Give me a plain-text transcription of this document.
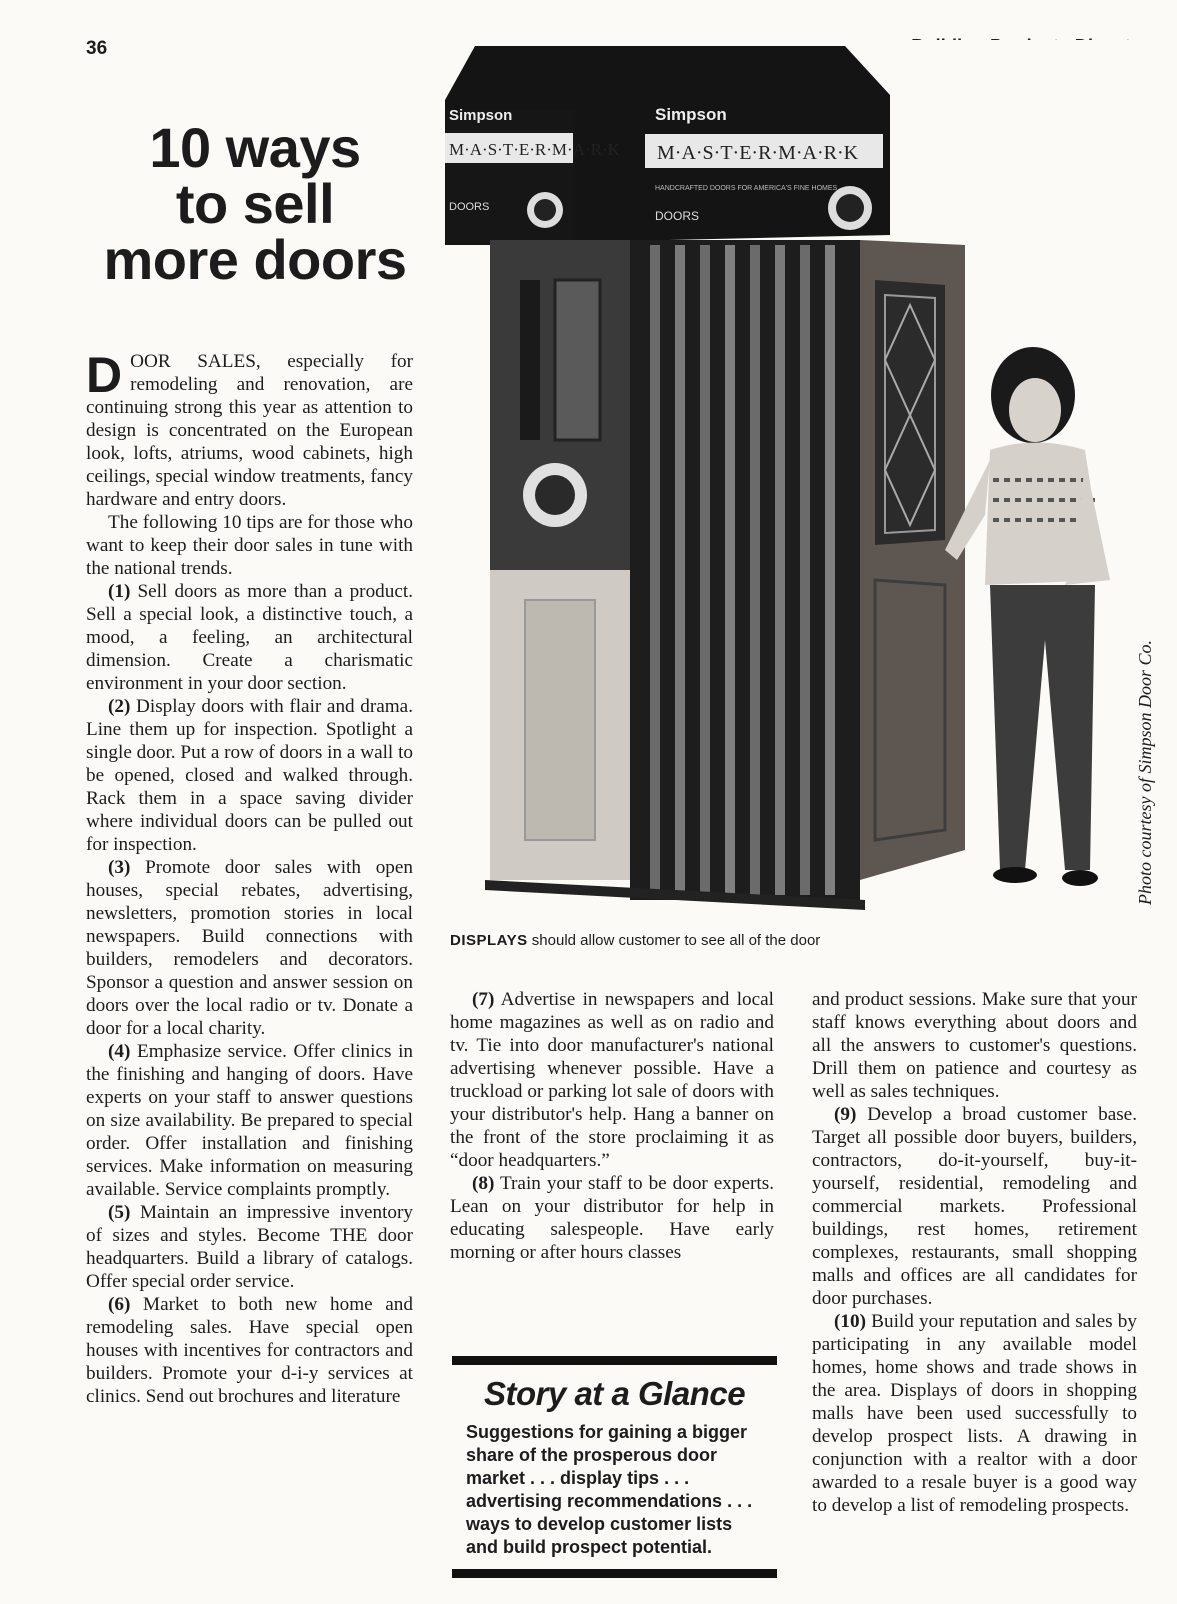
36
10 ways
to sell
more doors

DOOR SALES, especially for remodeling and renovation, are continuing strong this year as attention to design is concentrated on the European look, lofts, atriums, wood cabinets, high ceilings, special window treatments, fancy hardware and entry doors.

The following 10 tips are for those who want to keep their door sales in tune with the national trends.

(1) Sell doors as more than a product. Sell a special look, a distinctive touch, a mood, a feeling, an architectural dimension. Create a charismatic environment in your door section.

(2) Display doors with flair and drama. Line them up for inspection. Spotlight a single door. Put a row of doors in a wall to be opened, closed and walked through. Rack them in a space saving divider where individual doors can be pulled out for inspection.

(3) Promote door sales with open houses, special rebates, advertising, newsletters, promotion stories in local newspapers. Build connections with builders, remodelers and decorators. Sponsor a question and answer session on doors over the local radio or tv. Donate a door for a local charity.

(4) Emphasize service. Offer clinics in the finishing and hanging of doors. Have experts on your staff to answer questions on size availability. Be prepared to special order. Offer installation and finishing services. Make information on measuring available. Service complaints promptly.

(5) Maintain an impressive inventory of sizes and styles. Become THE door headquarters. Build a library of catalogs. Offer special order service.

(6) Market to both new home and remodeling sales. Have special open houses with incentives for contractors and builders. Promote your d-i-y services at clinics. Send out brochures and literature

Simpson
M·A·S·T·E·R·M·A·R·K
DOORS
Simpson
M·A·S·T·E·R·M·A·R·K
HANDCRAFTED DOORS FOR AMERICA'S FINE HOMES
DOORS
Photo courtesy of Simpson Door Co.
DISPLAYS should allow customer to see all of the door

(7) Advertise in newspapers and local home magazines as well as on radio and tv. Tie into door manufacturer's national advertising whenever possible. Have a truckload or parking lot sale of doors with your distributor's help. Hang a banner on the front of the store proclaiming it as “door headquarters.”

(8) Train your staff to be door experts. Lean on your distributor for help in educating salespeople. Have early morning or after hours classes

Story at a Glance

Suggestions for gaining a bigger share of the prosperous door market . . . display tips . . . advertising recommendations . . . ways to develop customer lists and build prospect potential.

and product sessions. Make sure that your staff knows everything about doors and all the answers to customer's questions. Drill them on patience and courtesy as well as sales techniques.

(9) Develop a broad customer base. Target all possible door buyers, builders, contractors, do-it-yourself, buy-it-yourself, residential, remodeling and commercial markets. Professional buildings, rest homes, retirement complexes, restaurants, small shopping malls and offices are all candidates for door purchases.

(10) Build your reputation and sales by participating in any available model homes, home shows and trade shows in the area. Displays of doors in shopping malls have been used successfully to develop prospect lists. A drawing in conjunction with a realtor with a door awarded to a resale buyer is a good way to develop a list of remodeling prospects.
